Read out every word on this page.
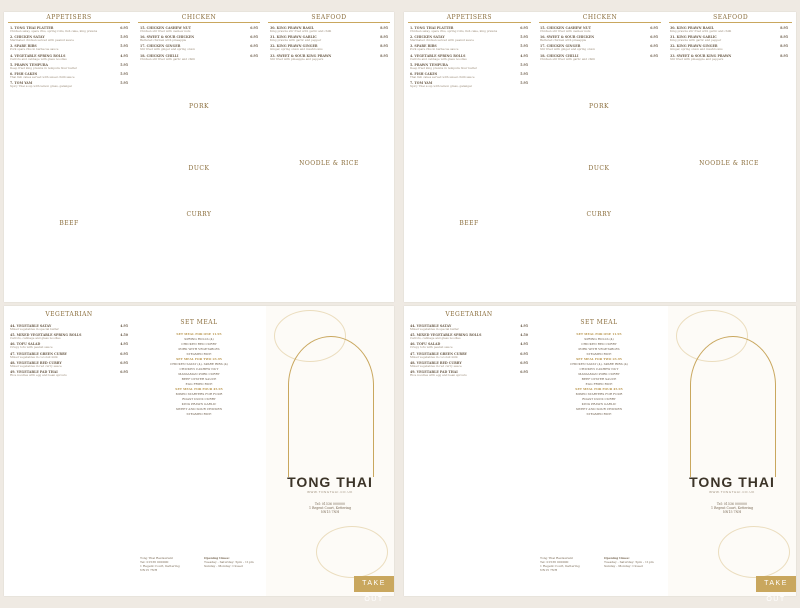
APPETISERS	CHICKEN	SEAFOOD
1. TONG THAI PLATTER	6.95
Chicken satay, spare ribs, spring rolls, fish cake, king prawns
2. CHICKEN SATAY	5.95
Marinated chicken served with peanut sauce
3. SPARE RIBS	5.95
Pork spare ribs in barbecue sauce
4. VEGETABLE SPRING ROLLS	4.95
Carrots and cabbage with glass noodles
5. PRAWN TEMPURA	5.95
Deep fried king prawns in tempura flour batter
6. FISH CAKES	5.95
Thai fish cakes served with sweet chilli sauce
7. TOM YAM	5.95
Spicy Thai soup with lemon grass, galangal
15. CHICKEN CASHEW NUT	6.95
Chicken stir fried with cashew nuts
16. SWEET & SOUR CHICKEN	6.95
Battered chicken with pineapple
17. CHICKEN GINGER	6.95
Stir fried with ginger and spring onion
18. CHICKEN CHILLI	6.95
Chicken stir fried with garlic and chilli
30. KING PRAWN BASIL	8.95
King prawns stir fried with garlic and chilli
31. KING PRAWN GARLIC	8.95
King prawns with garlic and pepper
32. KING PRAWN GINGER	8.95
Ginger, spring onion and mushrooms
33. SWEET & SOUR KING PRAWN	8.95
Stir fried with pineapple and peppers
BEEF
PORK
DUCK
CURRY
NOODLE & RICE
VEGETARIAN
44. VEGETABLE SATAY	4.95
Mixed vegetables in special batter
45. MIXED VEGETABLE SPRING ROLLS	4.50
Carrots, cabbage and glass noodles
46. TOFU SALAD	4.95
Crispy tofu with peanut sauce
47. VEGETABLE GREEN CURRY	6.95
Mixed vegetables in coconut milk
48. VEGETABLE RED CURRY	6.95
Mixed vegetables in red curry sauce
49. VEGETABLE PAD THAI	6.95
Rice noodles with egg and bean sprouts
SET MEAL
SET MEAL FOR ONE 11.95
SPRING ROLLS (4)
CHICKEN RED CURRY
PORK WITH VEGETABLES
STEAMED RICE
SET MEAL FOR TWO 23.95
CHICKEN SATAY (4), SPARE RIBS (4)
CHICKEN CASHEW NUT
MASSAMAN PORK CURRY
BEEF OYSTER SAUCE
EGG FRIED RICE
SET MEAL FOR FOUR 45.95
MIXED STARTERS FOR FOUR
ROAST DUCK CURRY
KING PRAWN GARLIC
SWEET AND SOUR CHICKEN
STEAMED RICE
Tong Thai Restaurant
Tel: 01536 000000
1 Regent Court, Kettering
NN15 7NH
Opening times:
Tuesday - Saturday: 5pm - 11pm
Sunday - Monday: Closed
TONG THAI
WWW.TONGTHAI.CO.UK
Tel: 01536 000000
1 Regent Court, Kettering
NN15 7NH
TAKE OUT
APPETISERS	CHICKEN	SEAFOOD
1. TONG THAI PLATTER	6.95
Chicken satay, spare ribs, spring rolls, fish cake, king prawns
2. CHICKEN SATAY	5.95
Marinated chicken served with peanut sauce
3. SPARE RIBS	5.95
Pork spare ribs in barbecue sauce
4. VEGETABLE SPRING ROLLS	4.95
Carrots and cabbage with glass noodles
5. PRAWN TEMPURA	5.95
Deep fried king prawns in tempura flour batter
6. FISH CAKES	5.95
Thai fish cakes served with sweet chilli sauce
7. TOM YAM	5.95
Spicy Thai soup with lemon grass, galangal
15. CHICKEN CASHEW NUT	6.95
Chicken stir fried with cashew nuts
16. SWEET & SOUR CHICKEN	6.95
Battered chicken with pineapple
17. CHICKEN GINGER	6.95
Stir fried with ginger and spring onion
18. CHICKEN CHILLI	6.95
Chicken stir fried with garlic and chilli
30. KING PRAWN BASIL	8.95
King prawns stir fried with garlic and chilli
31. KING PRAWN GARLIC	8.95
King prawns with garlic and pepper
32. KING PRAWN GINGER	8.95
Ginger, spring onion and mushrooms
33. SWEET & SOUR KING PRAWN	8.95
Stir fried with pineapple and peppers
BEEF
PORK
DUCK
CURRY
NOODLE & RICE
VEGETARIAN
44. VEGETABLE SATAY	4.95
Mixed vegetables in special batter
45. MIXED VEGETABLE SPRING ROLLS	4.50
Carrots, cabbage and glass noodles
46. TOFU SALAD	4.95
Crispy tofu with peanut sauce
47. VEGETABLE GREEN CURRY	6.95
Mixed vegetables in coconut milk
48. VEGETABLE RED CURRY	6.95
Mixed vegetables in red curry sauce
49. VEGETABLE PAD THAI	6.95
Rice noodles with egg and bean sprouts
SET MEAL
SET MEAL FOR ONE 11.95
SPRING ROLLS (4)
CHICKEN RED CURRY
PORK WITH VEGETABLES
STEAMED RICE
SET MEAL FOR TWO 23.95
CHICKEN SATAY (4), SPARE RIBS (4)
CHICKEN CASHEW NUT
MASSAMAN PORK CURRY
BEEF OYSTER SAUCE
EGG FRIED RICE
SET MEAL FOR FOUR 45.95
MIXED STARTERS FOR FOUR
ROAST DUCK CURRY
KING PRAWN GARLIC
SWEET AND SOUR CHICKEN
STEAMED RICE
Tong Thai Restaurant
Tel: 01536 000000
1 Regent Court, Kettering
NN15 7NH
Opening times:
Tuesday - Saturday: 5pm - 11pm
Sunday - Monday: Closed
TONG THAI
WWW.TONGTHAI.CO.UK
Tel: 01536 000000
1 Regent Court, Kettering
NN15 7NH
TAKE OUT
